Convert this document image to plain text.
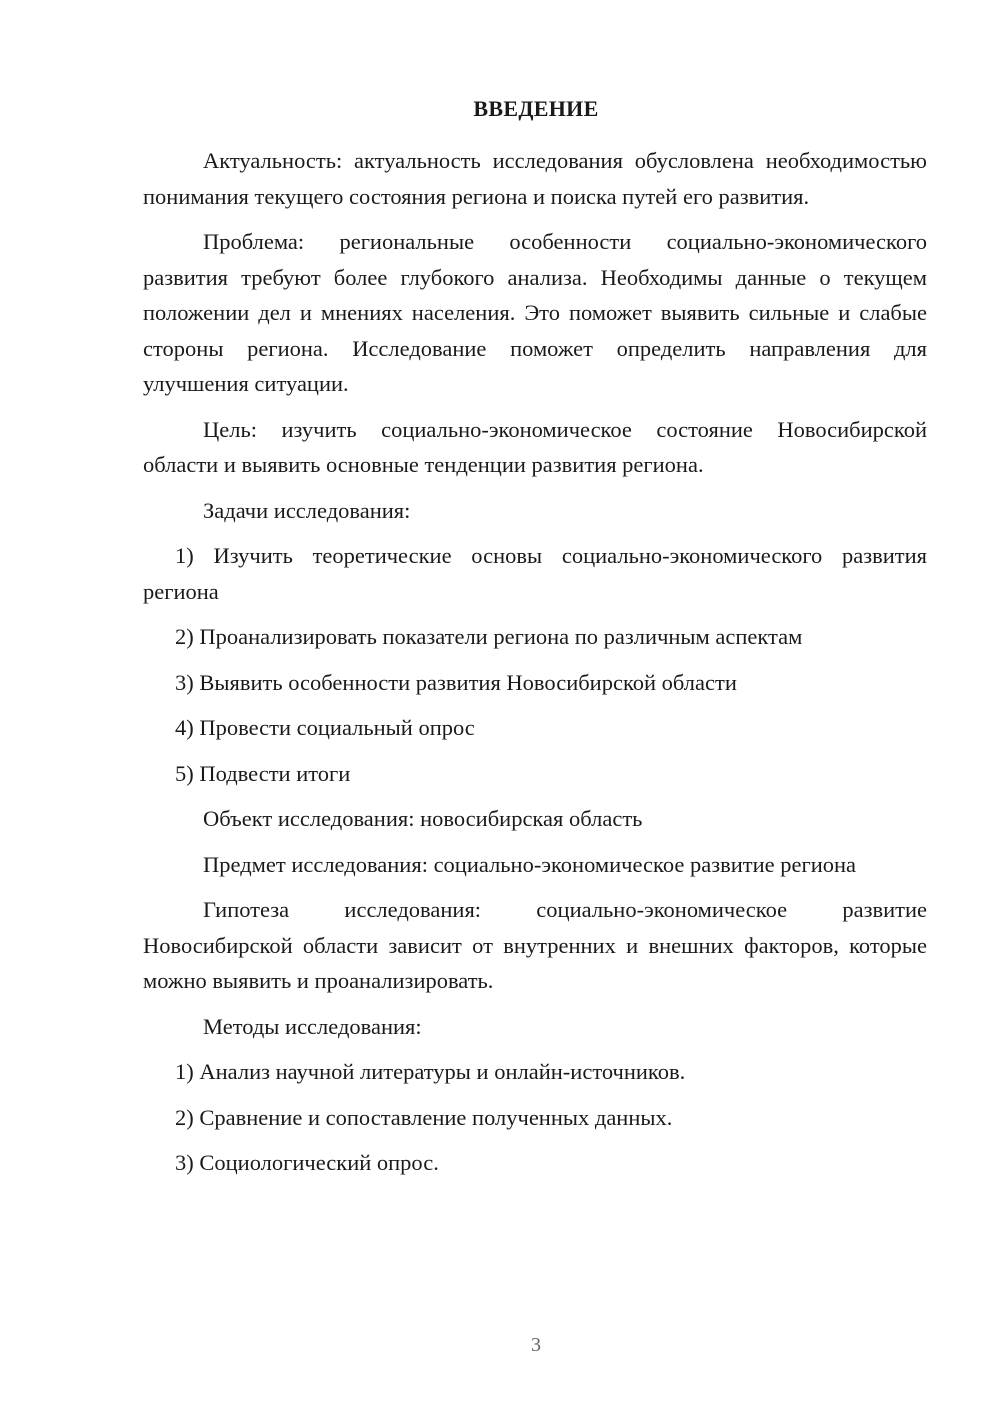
ВВЕДЕНИЕ

Актуальность: актуальность исследования обусловлена необходимостью понимания текущего состояния региона и поиска путей его развития.

Проблема: региональные особенности социально-экономического развития требуют более глубокого анализа. Необходимы данные о текущем положении дел и мнениях населения. Это поможет выявить сильные и слабые стороны региона. Исследование поможет определить направления для улучшения ситуации.

Цель: изучить социально-экономическое состояние Новосибирской области и выявить основные тенденции развития региона.

Задачи исследования:

1) Изучить теоретические основы социально-экономического развития региона

2) Проанализировать показатели региона по различным аспектам

3) Выявить особенности развития Новосибирской области

4) Провести социальный опрос

5) Подвести итоги

Объект исследования: новосибирская область

Предмет исследования: социально-экономическое развитие региона

Гипотеза исследования: социально-экономическое развитие Новосибирской области зависит от внутренних и внешних факторов, которые можно выявить и проанализировать.

Методы исследования:

1) Анализ научной литературы и онлайн-источников.

2) Сравнение и сопоставление полученных данных.

3) Социологический опрос.

3
